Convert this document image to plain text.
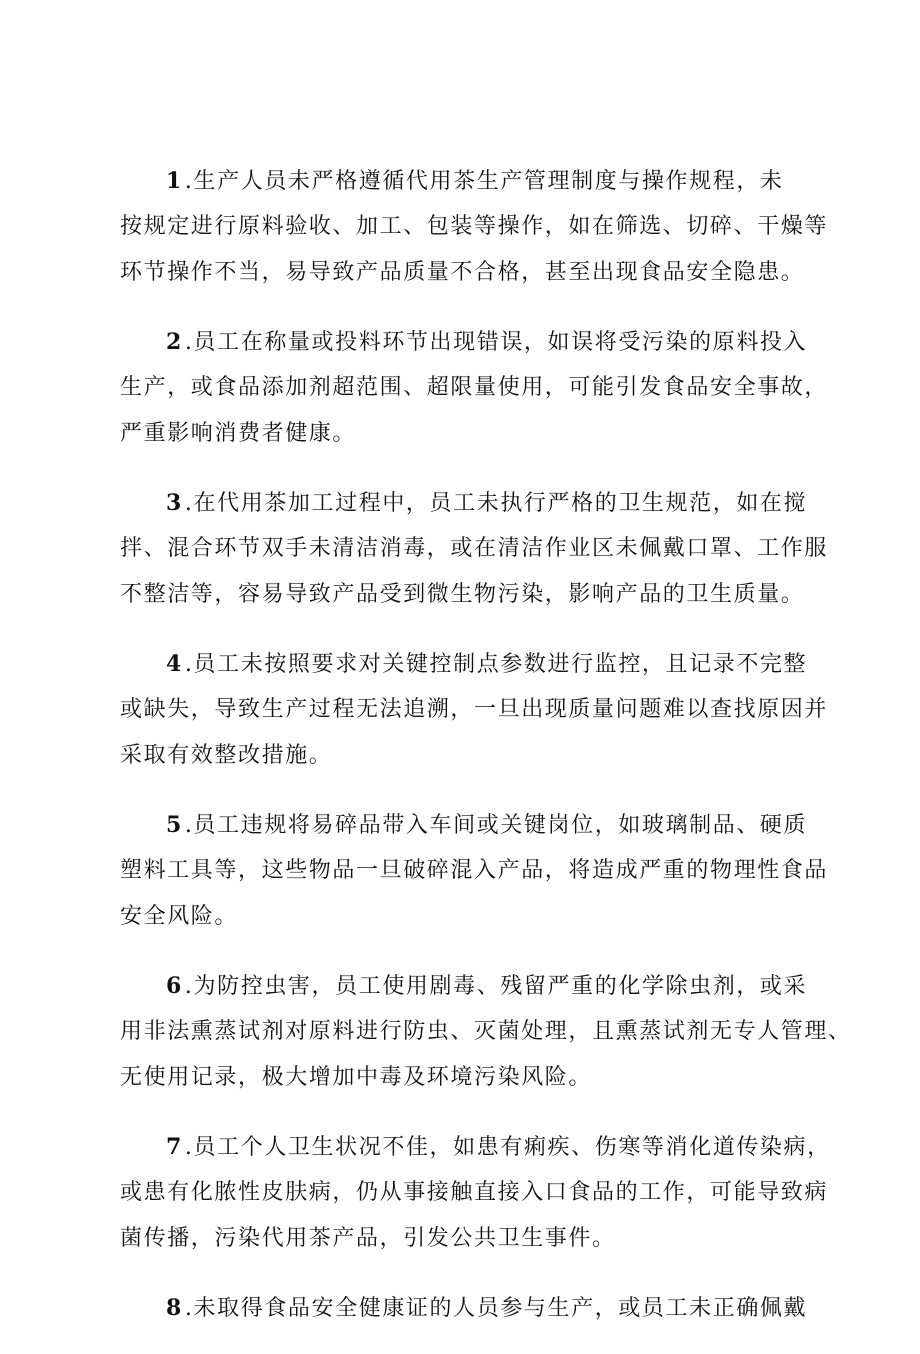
1.生产人员未严格遵循代用茶生产管理制度与操作规程，未
按规定进行原料验收、加工、包装等操作，如在筛选、切碎、干燥等
环节操作不当，易导致产品质量不合格，甚至出现食品安全隐患。
2.员工在称量或投料环节出现错误，如误将受污染的原料投入
生产，或食品添加剂超范围、超限量使用，可能引发食品安全事故，
严重影响消费者健康。
3.在代用茶加工过程中，员工未执行严格的卫生规范，如在搅
拌、混合环节双手未清洁消毒，或在清洁作业区未佩戴口罩、工作服
不整洁等，容易导致产品受到微生物污染，影响产品的卫生质量。
4.员工未按照要求对关键控制点参数进行监控，且记录不完整
或缺失，导致生产过程无法追溯，一旦出现质量问题难以查找原因并
采取有效整改措施。
5.员工违规将易碎品带入车间或关键岗位，如玻璃制品、硬质
塑料工具等，这些物品一旦破碎混入产品，将造成严重的物理性食品
安全风险。
6.为防控虫害，员工使用剧毒、残留严重的化学除虫剂，或采
用非法熏蒸试剂对原料进行防虫、灭菌处理，且熏蒸试剂无专人管理、
无使用记录，极大增加中毒及环境污染风险。
7.员工个人卫生状况不佳，如患有痢疾、伤寒等消化道传染病，
或患有化脓性皮肤病，仍从事接触直接入口食品的工作，可能导致病
菌传播，污染代用茶产品，引发公共卫生事件。
8.未取得食品安全健康证的人员参与生产，或员工未正确佩戴
